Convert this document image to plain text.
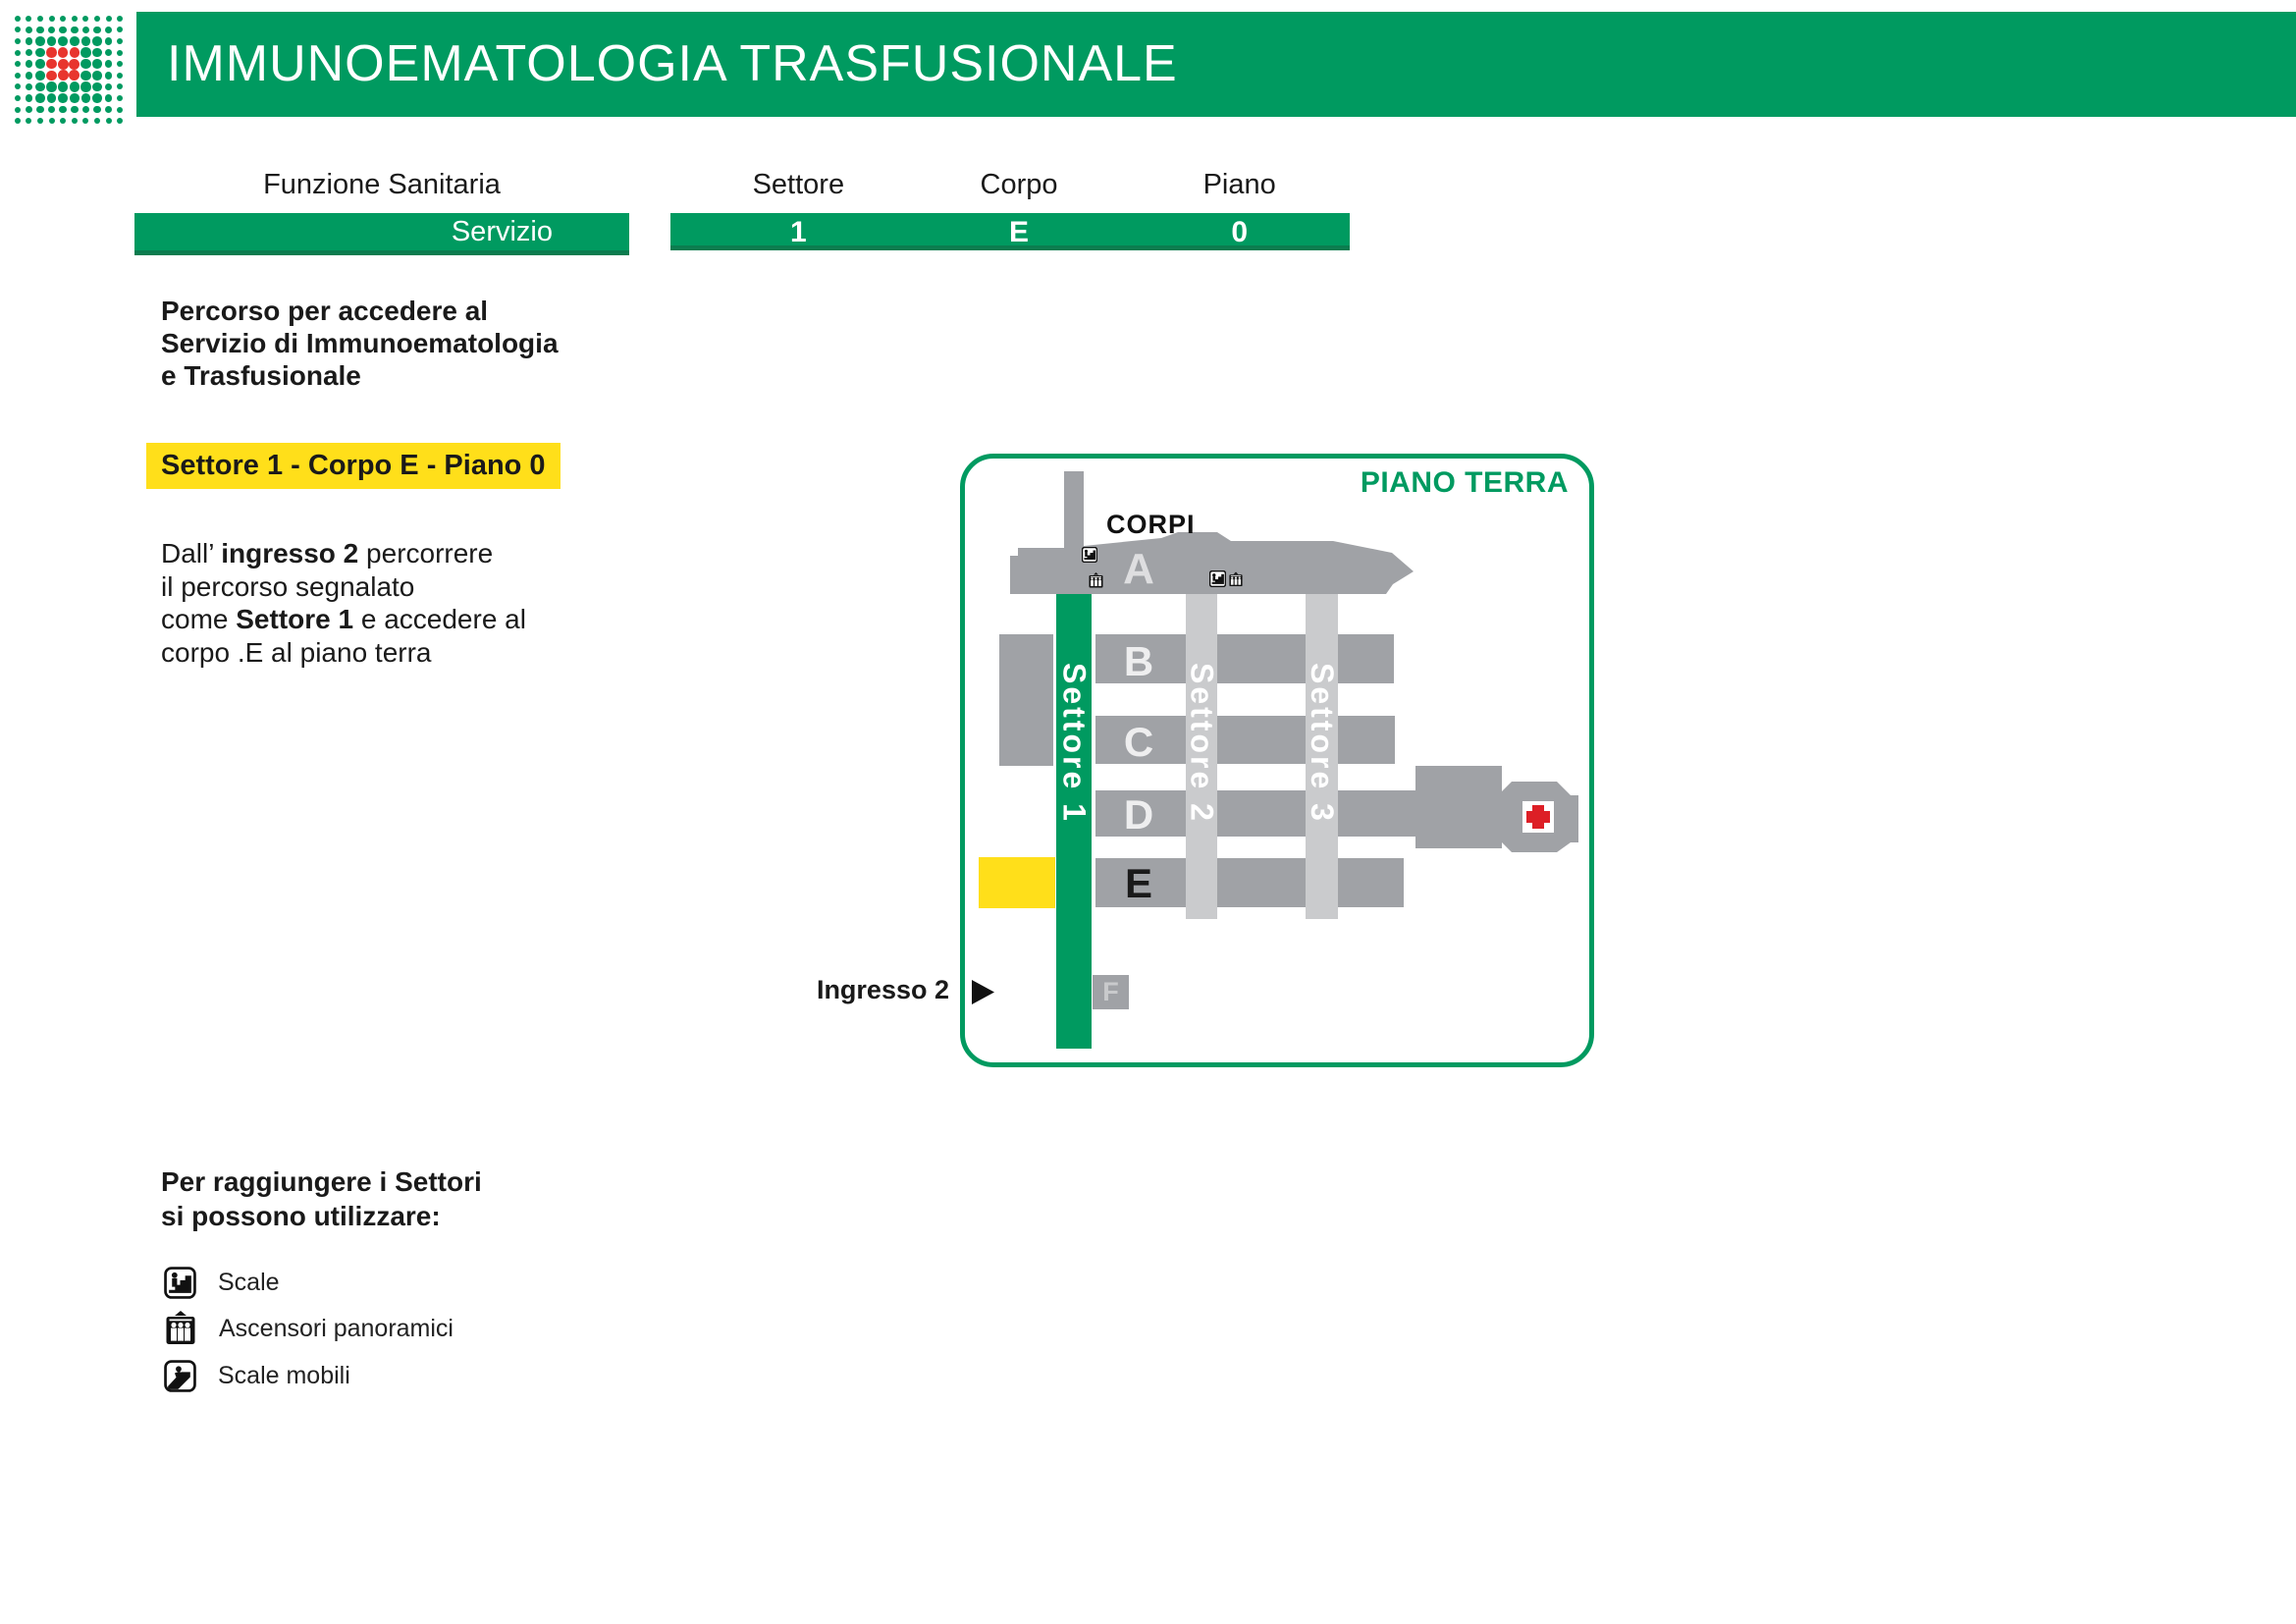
IMMUNOEMATOLOGIA TRASFUSIONALE
Funzione Sanitaria	Settore	Corpo	Piano
Servizio	1	E	0
Percorso per accedere al
Servizio di Immunoematologia
e Trasfusionale
Settore 1 - Corpo E - Piano 0
Dall’ ingresso 2 percorrere
il percorso segnalato
come Settore 1 e accedere al
corpo .E al piano terra	B
C
D
E
F
Settore 1	Settore 2	Settore 3
A
PIANO TERRA
CORPI
Ingresso 2
Per raggiungere i Settori
si possono utilizzare:
Scale
Ascensori panoramici
Scale mobili
